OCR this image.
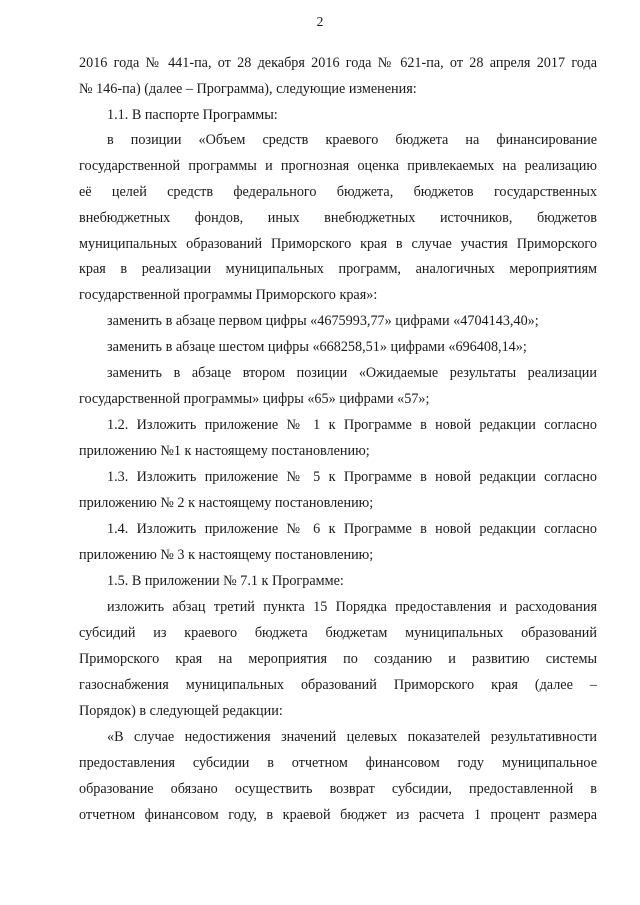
2
2016 года № 441-па, от 28 декабря 2016 года № 621-па, от 28 апреля 2017 года
№ 146-па) (далее – Программа), следующие изменения:
1.1. В паспорте Программы:
в позиции «Объем средств краевого бюджета на финансирование
государственной программы и прогнозная оценка привлекаемых на реализацию
её целей средств федерального бюджета, бюджетов государственных
внебюджетных фондов, иных внебюджетных источников, бюджетов
муниципальных образований Приморского края в случае участия Приморского
края в реализации муниципальных программ, аналогичных мероприятиям
государственной программы Приморского края»:
заменить в абзаце первом цифры «4675993,77» цифрами «4704143,40»;
заменить в абзаце шестом цифры «668258,51» цифрами «696408,14»;
заменить в абзаце втором позиции «Ожидаемые результаты реализации
государственной программы» цифры «65» цифрами «57»;
1.2. Изложить приложение № 1 к Программе в новой редакции согласно
приложению №1 к настоящему постановлению;
1.3. Изложить приложение № 5 к Программе в новой редакции согласно
приложению № 2 к настоящему постановлению;
1.4. Изложить приложение № 6 к Программе в новой редакции согласно
приложению № 3 к настоящему постановлению;
1.5. В приложении № 7.1 к Программе:
изложить абзац третий пункта 15 Порядка предоставления и расходования
субсидий из краевого бюджета бюджетам муниципальных образований
Приморского края на мероприятия по созданию и развитию системы
газоснабжения муниципальных образований Приморского края (далее –
Порядок) в следующей редакции:
«В случае недостижения значений целевых показателей результативности
предоставления субсидии в отчетном финансовом году муниципальное
образование обязано осуществить возврат субсидии, предоставленной в
отчетном финансовом году, в краевой бюджет из расчета 1 процент размера
